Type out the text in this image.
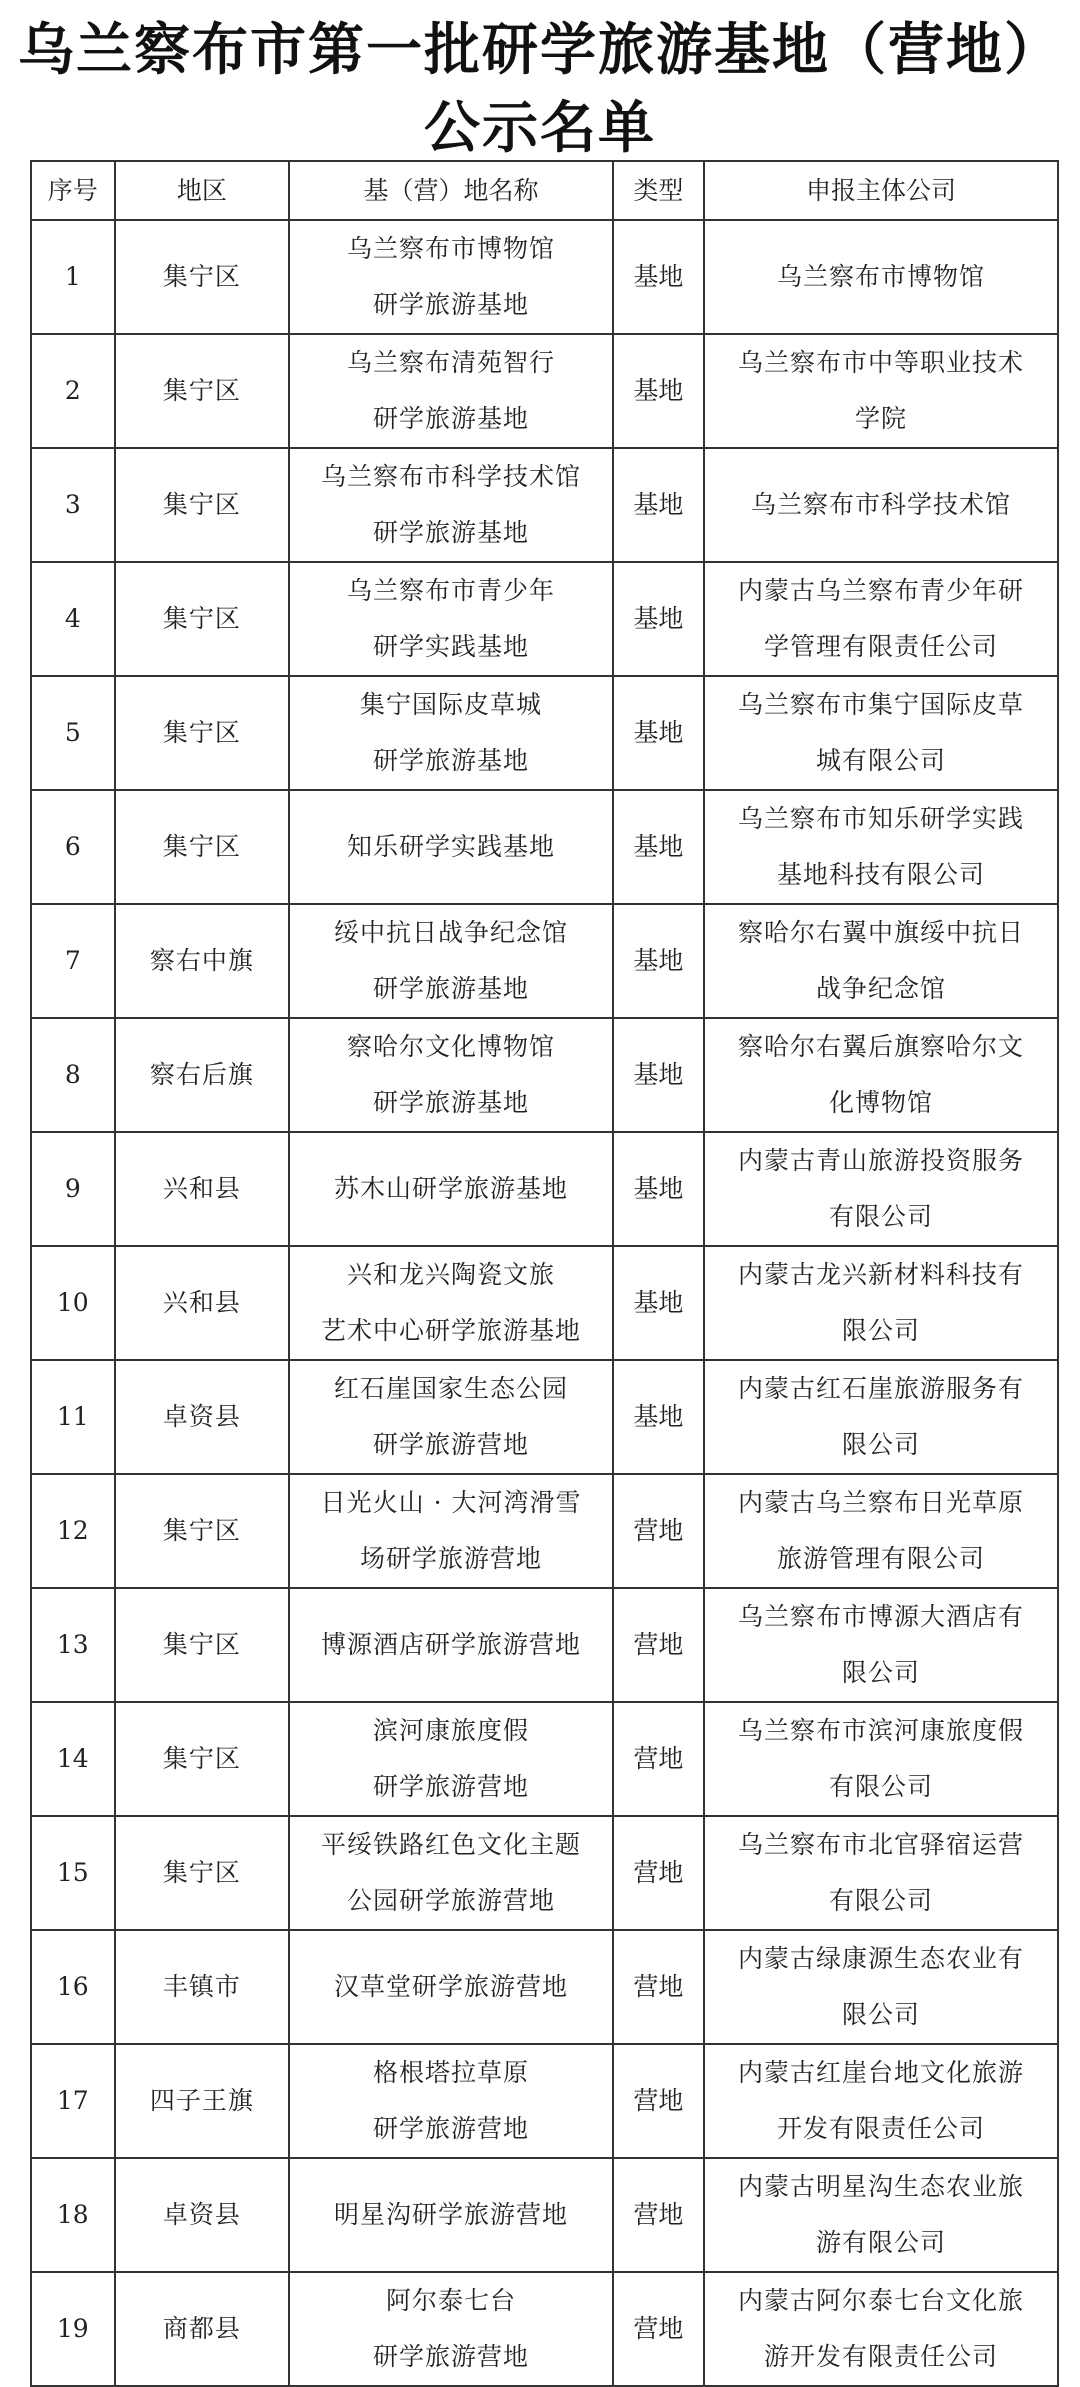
乌兰察布市第一批研学旅游基地（营地）
公示名单
序号	地区	基（营）地名称	类型	申报主体公司
1	集宁区	乌兰察布市博物馆
研学旅游基地	基地	乌兰察布市博物馆

2	集宁区	乌兰察布清苑智行
研学旅游基地	基地	乌兰察布市中等职业技术
学院

3	集宁区	乌兰察布市科学技术馆
研学旅游基地	基地	乌兰察布市科学技术馆

4	集宁区	乌兰察布市青少年
研学实践基地	基地	内蒙古乌兰察布青少年研
学管理有限责任公司

5	集宁区	集宁国际皮草城
研学旅游基地	基地	乌兰察布市集宁国际皮草
城有限公司

6	集宁区	知乐研学实践基地	基地	乌兰察布市知乐研学实践
基地科技有限公司

7	察右中旗	绥中抗日战争纪念馆
研学旅游基地	基地	察哈尔右翼中旗绥中抗日
战争纪念馆

8	察右后旗	察哈尔文化博物馆
研学旅游基地	基地	察哈尔右翼后旗察哈尔文
化博物馆

9	兴和县	苏木山研学旅游基地	基地	内蒙古青山旅游投资服务
有限公司

10	兴和县	兴和龙兴陶瓷文旅
艺术中心研学旅游基地	基地	内蒙古龙兴新材料科技有
限公司

11	卓资县	红石崖国家生态公园
研学旅游营地	基地	内蒙古红石崖旅游服务有
限公司

12	集宁区	日光火山 · 大河湾滑雪
场研学旅游营地	营地	内蒙古乌兰察布日光草原
旅游管理有限公司

13	集宁区	博源酒店研学旅游营地	营地	乌兰察布市博源大酒店有
限公司

14	集宁区	滨河康旅度假
研学旅游营地	营地	乌兰察布市滨河康旅度假
有限公司

15	集宁区	平绥铁路红色文化主题
公园研学旅游营地	营地	乌兰察布市北官驿宿运营
有限公司

16	丰镇市	汉草堂研学旅游营地	营地	内蒙古绿康源生态农业有
限公司

17	四子王旗	格根塔拉草原
研学旅游营地	营地	内蒙古红崖台地文化旅游
开发有限责任公司

18	卓资县	明星沟研学旅游营地	营地	内蒙古明星沟生态农业旅
游有限公司

19	商都县	阿尔泰七台
研学旅游营地	营地	内蒙古阿尔泰七台文化旅
游开发有限责任公司
